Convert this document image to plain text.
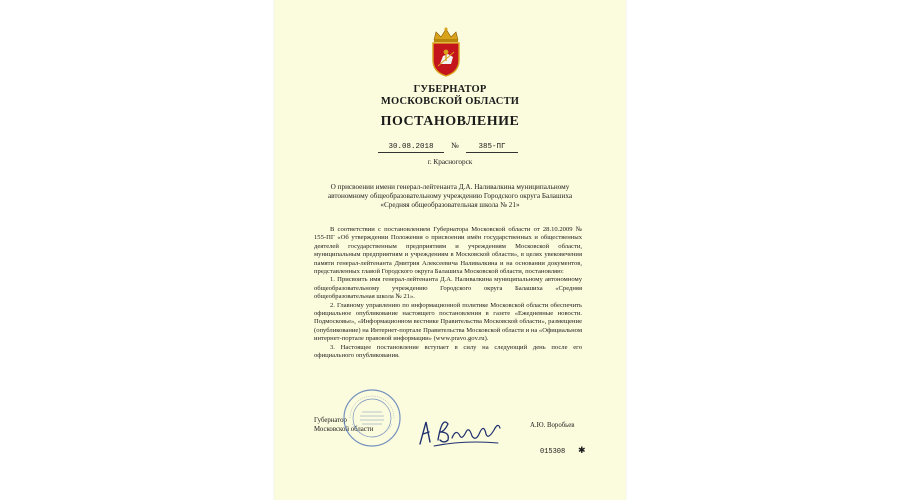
ГУБЕРНАТОР
МОСКОВСКОЙ ОБЛАСТИ
ПОСТАНОВЛЕНИЕ
30.08.2018 №	385-ПГ
г. Красногорск
О присвоении имени генерал-лейтенанта Д.А. Наливалкина муниципальному автономному общеобразовательному учреждению Городского округа Балашиха «Средняя общеобразовательная школа № 21»

В соответствии с постановлением Губернатора Московской области от 28.10.2009 № 155-ПГ «Об утверждении Положения о присвоении имён государственных и общественных деятелей государственным предприятиям и учреждениям Московской области, муниципальным предприятиям и учреждениям в Московской области», в целях увековечения памяти генерал-лейтенанта Дмитрия Алексеевича Наливалкина и на основании документов, представленных главой Городского округа Балашиха Московской области, постановляю:

1. Присвоить имя генерал-лейтенанта Д.А. Наливалкина муниципальному автономному общеобразовательному учреждению Городского округа Балашиха «Средняя общеобразовательная школа № 21».

2. Главному управлению по информационной политике Московской области обеспечить официальное опубликование настоящего постановления в газете «Ежедневные новости. Подмосковье», «Информационном вестнике Правительства Московской области», размещение (опубликование) на Интернет-портале Правительства Московской области и на «Официальном интернет-портале правовой информации» (www.pravo.gov.ru).

3. Настоящее постановление вступает в силу на следующий день после его официального опубликования.

Губернатор
Московской области	А.Ю. Воробьев
015308 ✱
